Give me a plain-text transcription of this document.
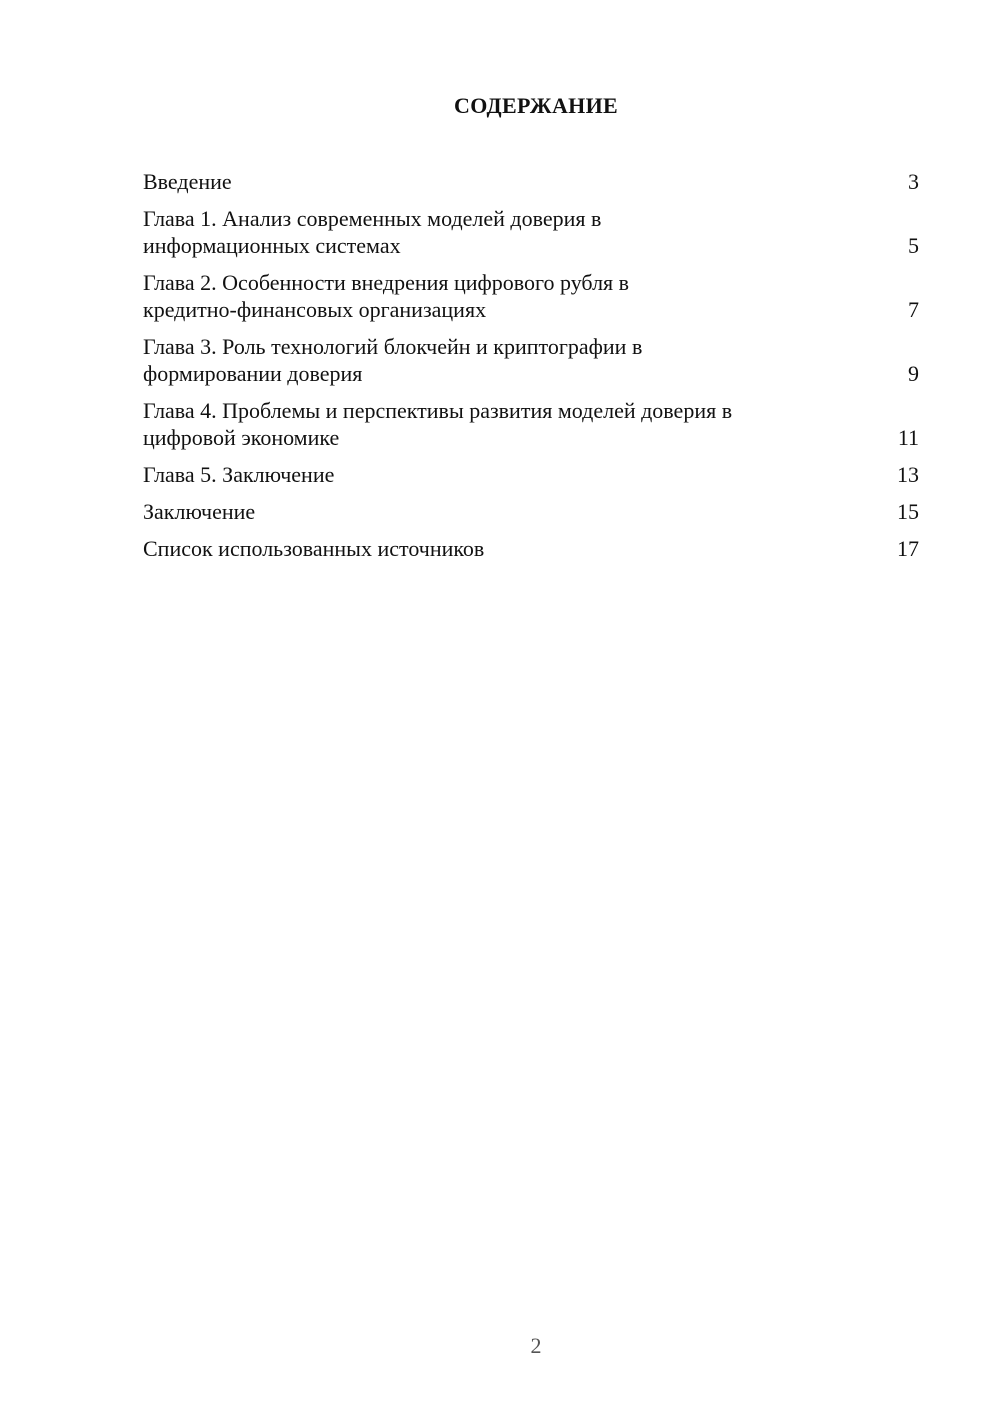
СОДЕРЖАНИЕ
Введение	3
Глава 1. Анализ современных моделей доверия в
информационных системах	5
Глава 2. Особенности внедрения цифрового рубля в
кредитно-финансовых организациях	7
Глава 3. Роль технологий блокчейн и криптографии в
формировании доверия	9
Глава 4. Проблемы и перспективы развития моделей доверия в
цифровой экономике	11
Глава 5. Заключение	13
Заключение	15
Список использованных источников	17
2
